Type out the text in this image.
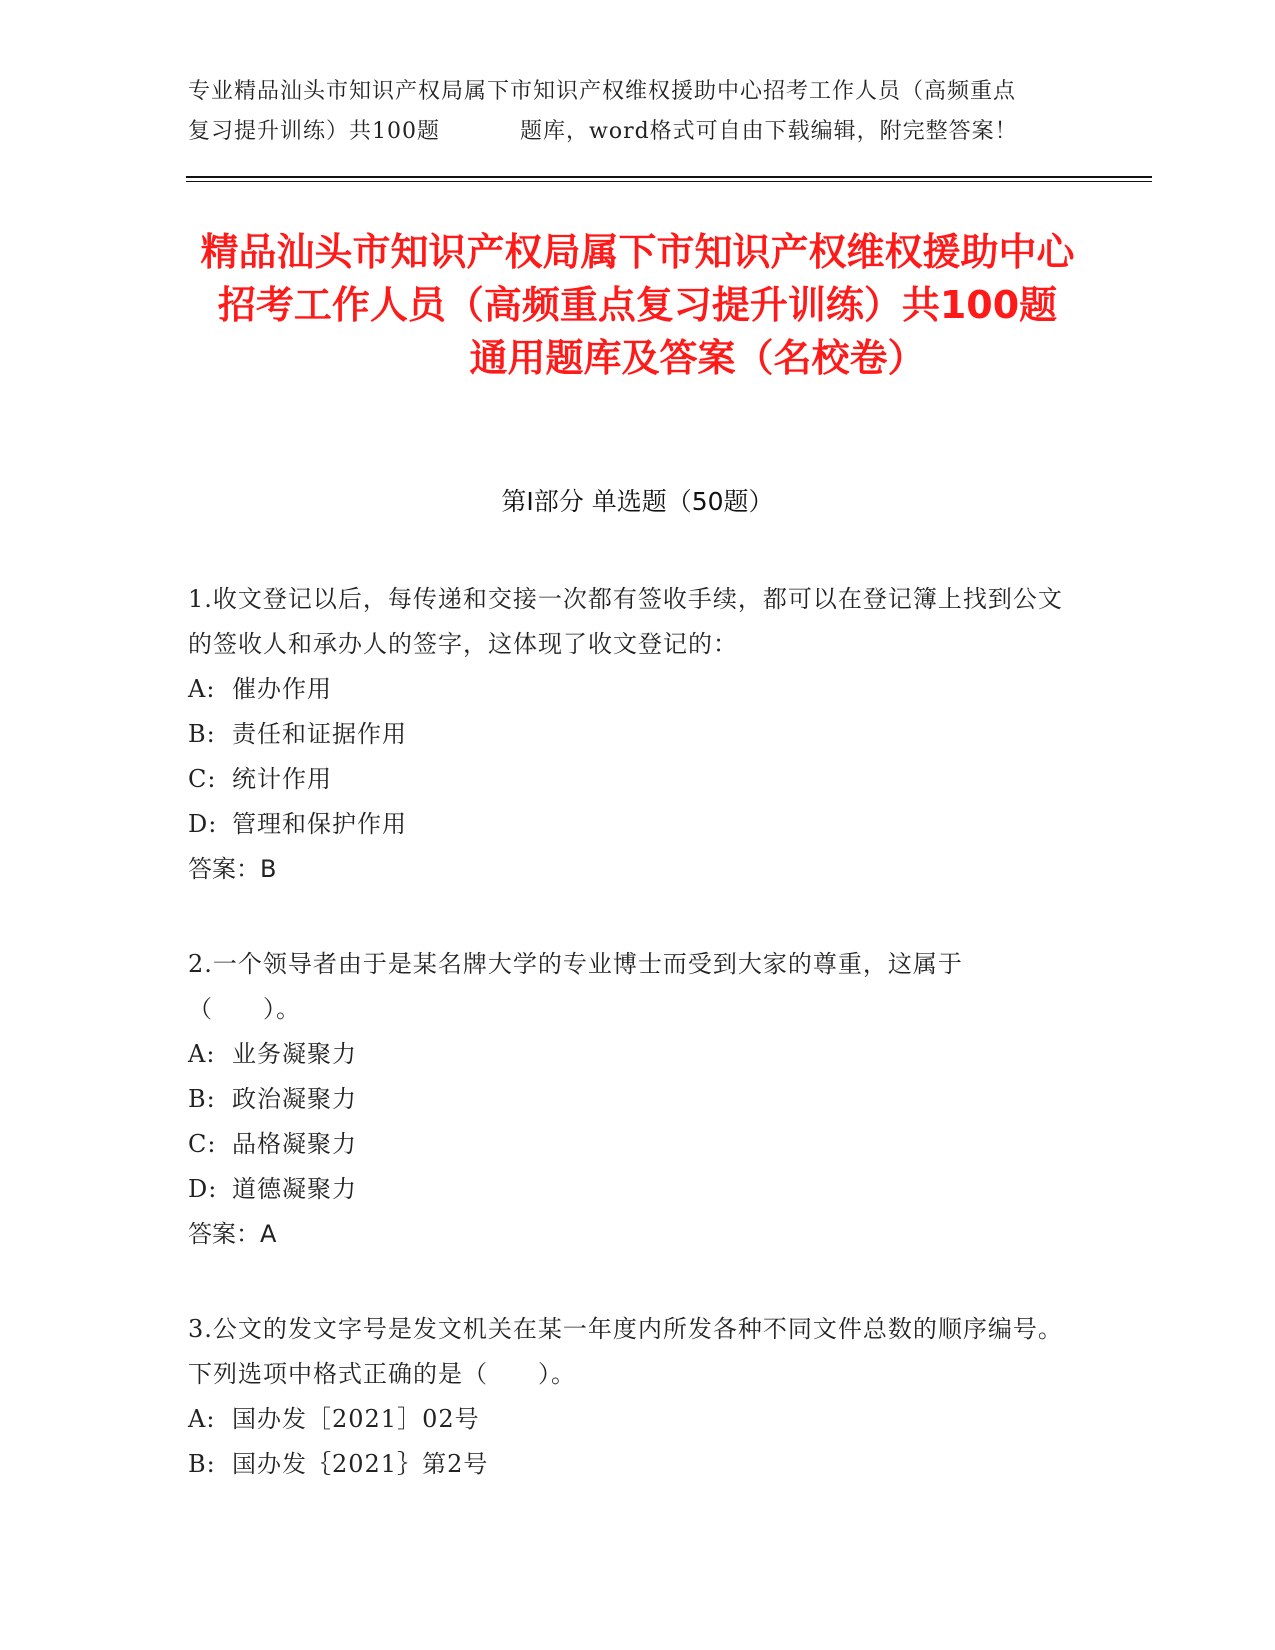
专业精品汕头市知识产权局属下市知识产权维权援助中心招考工作人员（高频重点
复习提升训练）共100题	题库，word格式可自由下载编辑，附完整答案！
精品汕头市知识产权局属下市知识产权维权援助中心招考工作人员（高频重点复习提升训练）共100题通用题库及答案（名校卷）
第Ⅰ部分 单选题（50题）

1.收文登记以后，每传递和交接一次都有签收手续，都可以在登记簿上找到公文的签收人和承办人的签字，这体现了收文登记的：

A: 催办作用

B: 责任和证据作用

C: 统计作用

D: 管理和保护作用

答案：B

2.一个领导者由于是某名牌大学的专业博士而受到大家的尊重，这属于（　　）。

A: 业务凝聚力

B: 政治凝聚力

C: 品格凝聚力

D: 道德凝聚力

答案：A

3.公文的发文字号是发文机关在某一年度内所发各种不同文件总数的顺序编号。下列选项中格式正确的是（　　）。

A: 国办发［2021］02号

B: 国办发｛2021｝第2号
